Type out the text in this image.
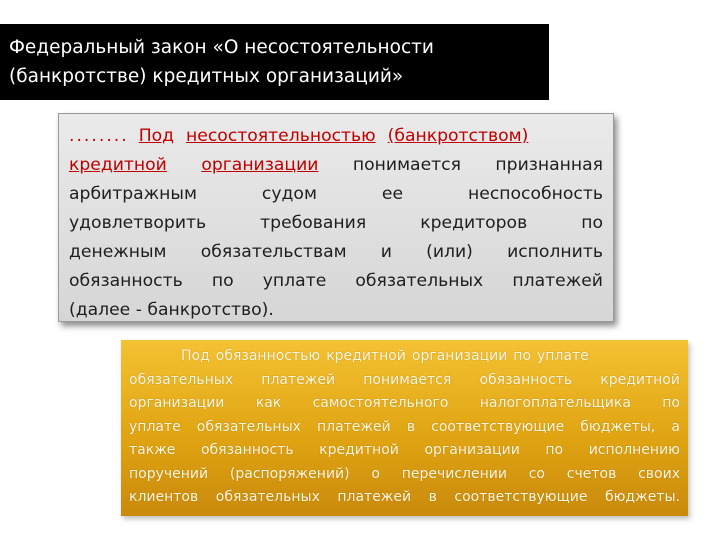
Федеральный закон «О несостоятельности
(банкротстве) кредитных организаций»
........ Под несостоятельностью (банкротством)
кредитной организации понимается признанная
арбитражным	судом	ее	неспособность
удовлетворить	требования	кредиторов	по
денежным обязательствам и (или) исполнить
обязанность по уплате обязательных платежей
(далее - банкротство).
Под обязанностью кредитной организации по уплате
обязательных платежей понимается обязанность кредитной
организации как самостоятельного налогоплательщика по
уплате обязательных платежей в соответствующие бюджеты, а
также обязанность кредитной организации по исполнению
поручений (распоряжений) о перечислении со счетов своих
клиентов обязательных платежей в соответствующие бюджеты.
